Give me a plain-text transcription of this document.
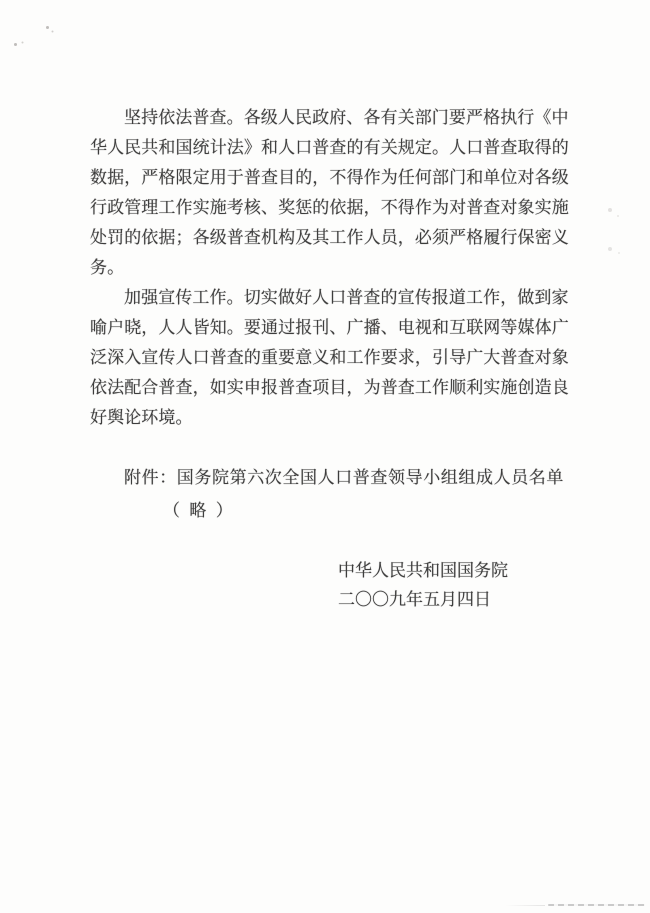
坚持依法普查。各级人民政府、各有关部门要严格执行《中

华人民共和国统计法》和人口普查的有关规定。人口普查取得的

数据，严格限定用于普查目的，不得作为任何部门和单位对各级

行政管理工作实施考核、奖惩的依据，不得作为对普查对象实施

处罚的依据；各级普查机构及其工作人员，必须严格履行保密义

务。

加强宣传工作。切实做好人口普查的宣传报道工作，做到家

喻户晓，人人皆知。要通过报刊、广播、电视和互联网等媒体广

泛深入宣传人口普查的重要意义和工作要求，引导广大普查对象

依法配合普查，如实申报普查项目，为普查工作顺利实施创造良

好舆论环境。

附件：国务院第六次全国人口普查领导小组组成人员名单

（ 略 ）

中华人民共和国国务院

二〇〇九年五月四日
